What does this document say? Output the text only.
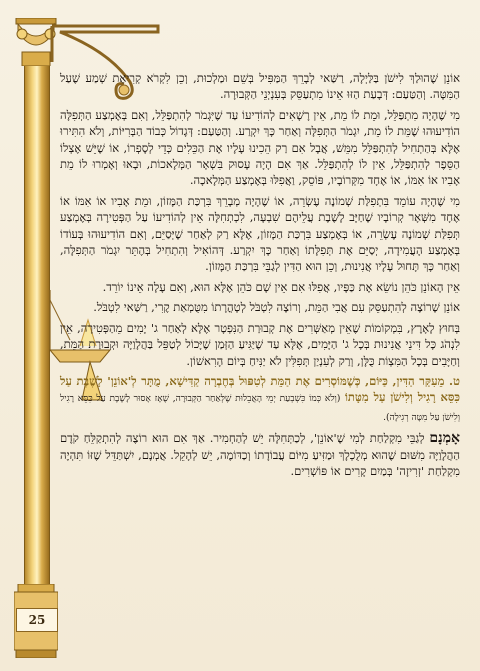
25

אוֹנֵן שֶׁהוּלַךְ לִישֹׁן בַּלַּיְלָה, רַשַּׁאי לְבָרֵךְ הַמַּפִּיל בְּשֵׁם וּמַלְכוּת, וְכֵן לִקְרֹא קְרִיאַת שְׁמַע שֶׁעַל הַמִּטָּה. וְהַטַּעַם: דְּבָעַת הַזּוּ אֵינוֹ מִתְעַסֵּק בְּעִנְיְנֵי הַקְּבוּרָה.

מִי שֶׁהָיָה מִתְפַּלֵּל, וּמֵת לוֹ מֵת, אֵין רָשָׁאִים לְהוֹדִיעוֹ עַד שֶׁיִּגְמֹר לְהִתְפַּלֵּל, וְאִם בְּאֶמְצַע הַתְּפִלָּה הוֹדִיעוּהוּ שֶׁמֵּת לוֹ מֵת, יִגְמֹר הַתְּפִלָּה וְאַחַר כָּךְ יִקְרַע. וְהַטַּעַם: דְּגָדוֹל כְּבוֹד הַבְּרִיּוֹת, וְלֹא הִתִּירוּ אֶלָּא בְּהַתְחִיל לְהִתְפַּלֵּל מִמֵּשׁ, אֲבָל אִם רַק הֵכִינוּ עָלָיו אֶת הַכֵּלִים כְּדֵי לְסָפְרוֹ, אוֹ שֶׁיֵּשׁ אֶצְלוֹ הַסֵּפֶר לְהִתְפַּלֵּל, אֵין לוֹ לְהִתְפַּלֵּל. אַךְ אִם הָיָה עָסוּק בִּשְׁאָר הַמְּלָאכוֹת, וּבָאוּ וְאָמְרוּ לוֹ מֵת אָבִיו אוֹ אִמּוֹ, אוֹ אֶחָד מִקְּרוֹבָיו, פּוֹסֵק, וַאֲפִלּוּ בְּאֶמְצַע הַמְּלָאכָה.

מִי שֶׁהָיָה עוֹמֵד בִּתְפִלַּת שְׁמוֹנֶה עֶשְׂרֵה, אוֹ שֶׁהָיָה מְבָרֵךְ בִּרְכַּת הַמָּזוֹן, וּמֵת אָבִיו אוֹ אִמּוֹ אוֹ אֶחָד מִשְּׁאָר קְרוֹבָיו שֶׁחַיָּב לָשֶׁבֶת עֲלֵיהֶם שִׁבְעָה, לִכְתְחִלָּה אֵין לְהוֹדִיעוֹ עַל הַפְּטִירָה בְּאֶמְצַע תְּפִלַּת שְׁמוֹנֶה עֶשְׂרֵה, אוֹ בְּאֶמְצַע בִּרְכַּת הַמָּזוֹן, אֶלָּא רַק לְאַחַר שֶׁיְּסַיֵּם, וְאִם הוֹדִיעוּהוּ בְּעוֹדוֹ בְּאֶמְצַע הָעֲמִידָה, יְסַיֵּם אֶת תְּפִלָּתוֹ וְאַחַר כָּךְ יִקְרַע. דְּהוֹאִיל וְהִתְחִיל בְּהֶתֵּר יִגְמֹר הַתְּפִלָּה, וְאַחַר כָּךְ תָּחוּל עָלָיו אֲנִינוּת, וְכֵן הוּא הַדִּין לְגַבֵּי בִּרְכַּת הַמָּזוֹן.

אֵין הָאוֹנֵן כֹּהֵן נוֹשֵׂא אֶת כַּפָּיו, אֲפִלּוּ אִם אֵין שָׁם כֹּהֵן אֶלָּא הוּא, וְאִם עָלָה אֵינוֹ יוֹרֵד.

אוֹנֵן שֶׁרוֹצֶה לְהִתְעַסֵּק עִם אֲבִי הַמֵּת, וְרוֹצֶה לִטְבֹּל לְטָהֳרָתוֹ מִטֻּמְאַת קֶרִי, רַשַּׁאי לִטְבֹּל.

בְּחוּץ לָאָרֶץ, בִּמְקוֹמוֹת שֶׁאֵין מְאַשְּׁרִים אֶת קְבוּרַת הַנִּפְטָר אֶלָּא לְאַחַר ג' יָמִים מֵהַפְּטִירָה, אֵין לִנְהֹג כָּל דִּינֵי אֲנִינוּת בְּכָל ג' הַיָּמִים, אֶלָּא עַד שֶׁיַּגִּיעַ הַזְּמַן שֶׁיָּכוֹל לְטַפֵּל בַּהֲלָוַיָּה וּקְבוּרַת הַמֵּת, וְחַיָּבִים בְּכָל הַמִּצְוֹת כֻּלָּן, וְרַק לְעִנְיַן תְּפִלִּין לֹא יַנִּיחַ בְּיוֹם הָרִאשׁוֹן.

ט. מֵעִקַּר הַדִּין, כַּיּוֹם, כְּשֶׁמּוֹסְרִים אֶת הַמֵּת לְטִפּוּל בְּחֶבְרָה קַדִּישָׁא, מֻתָּר לְ'אוֹנֵן' לָשֶׁבֶת עַל כִּסֵּא רָגִיל וְלִישֹׁן עַל מִטָּתוֹ (וְלֹא כְּמוֹ כִּשְׁבְעַת יְמֵי הָאֲבֵלוּת שֶׁלְּאַחַר הַקְּבוּרָה, שֶׁאָז אָסוּר לָשֶׁבֶת עַל כִּסֵּא רָגִיל וְלִישֹׁן עַל מִטָּה רְגִילָה).

אָמְנָם לְגַבֵּי מִקְלַחַת לְמִי שֶׁ'אוֹנֵן', לְכַתְּחִלָּה יֵשׁ לְהַחְמִיר. אַךְ אִם הוּא רוֹצֶה לְהִתְקַלֵּחַ קֹדֶם הַהֲלָוַיָּה מִשּׁוּם שֶׁהוּא מְלֻכְלָךְ וּמַזִּיעַ מִיּוֹם עֲבוֹדָתוֹ וְכַדּוֹמֶה, יֵשׁ לְהָקֵל. אֲמְנָם, יִשְׁתַּדֵּל שֶׁזּוֹ תִּהְיֶה מִקְלַחַת 'זְרִיזָה' בְּמַיִם קָרִים אוֹ פּוֹשְׁרִים.
